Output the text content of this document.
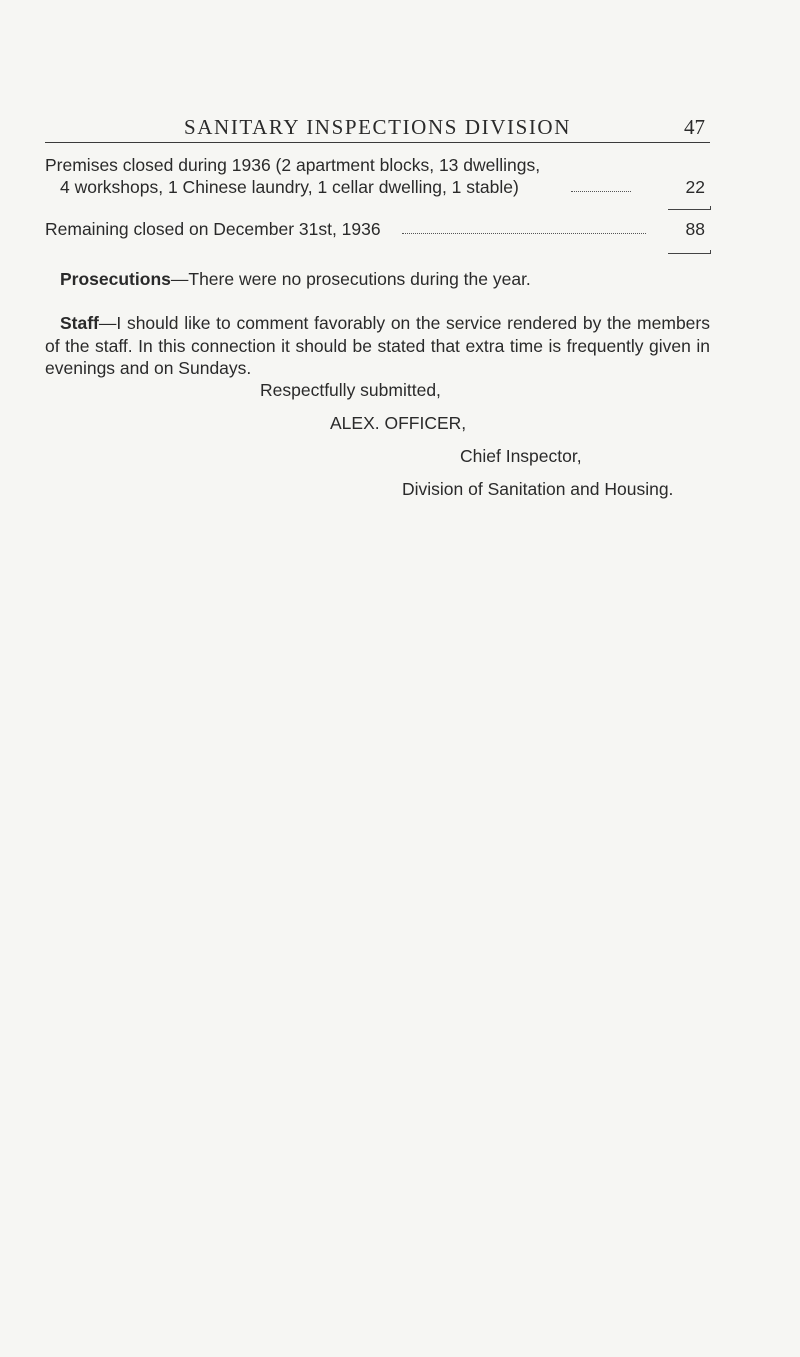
SANITARY INSPECTIONS DIVISION	47
Premises closed during 1936 (2 apartment blocks, 13 dwellings,
4 workshops, 1 Chinese laundry, 1 cellar dwelling, 1 stable)	22
Remaining closed on December 31st, 1936	88
Prosecutions—There were no prosecutions during the year.
Staff—I should like to comment favorably on the service rendered by the members of the staff. In this connection it should be stated that extra time is frequently given in evenings and on Sundays.
Respectfully submitted,
ALEX. OFFICER,
Chief Inspector,
Division of Sanitation and Housing.
